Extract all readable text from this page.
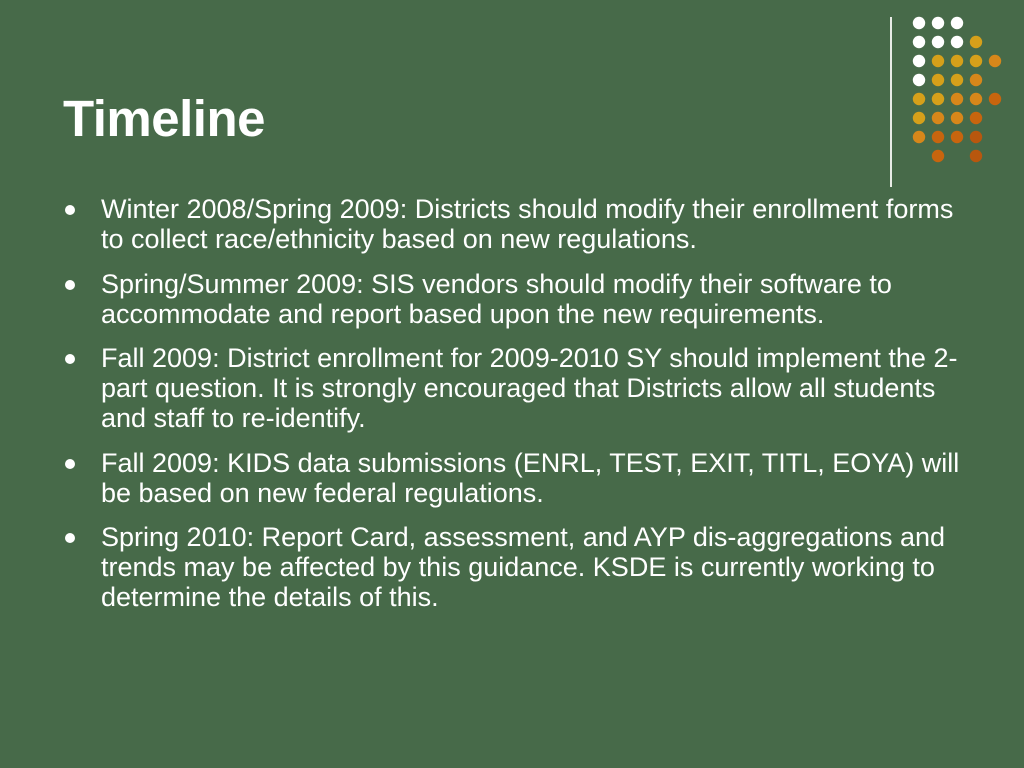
Timeline
Winter 2008/Spring 2009: Districts should modify their enrollment forms to collect race/ethnicity based on new regulations.
Spring/Summer 2009: SIS vendors should modify their software to accommodate and report based upon the new requirements.
Fall 2009: District enrollment for 2009-2010 SY should implement the 2-part question. It is strongly encouraged that Districts allow all students and staff to re-identify.
Fall 2009: KIDS data submissions (ENRL, TEST, EXIT, TITL, EOYA) will be based on new federal regulations.
Spring 2010: Report Card, assessment, and AYP dis-aggregations and trends may be affected by this guidance. KSDE is currently working to determine the details of this.
